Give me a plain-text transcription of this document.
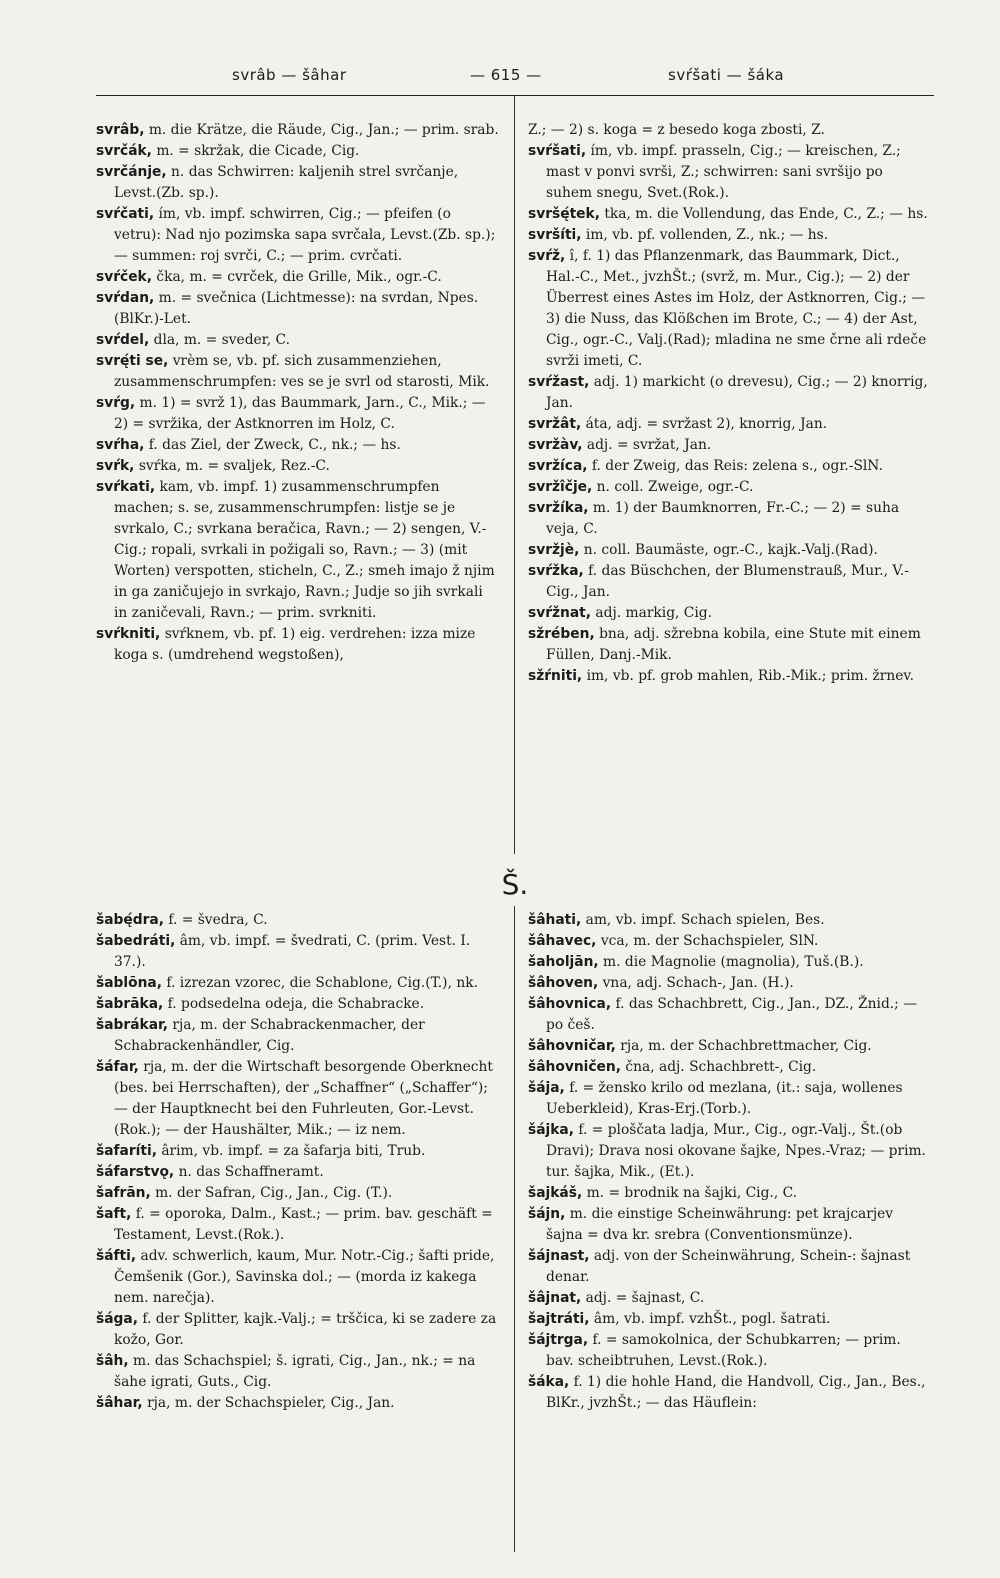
svrâb — šâhar	— 615 —	svŕšati — šáka

svrâb, m. die Krätze, die Räude, Cig., Jan.; — prim. srab.

svrčák, m. = skržak, die Cicade, Cig.

svrčánje, n. das Schwirren: kaljenih strel svrčanje, Levst.(Zb. sp.).

svŕčati, ím, vb. impf. schwirren, Cig.; — pfeifen (o vetru): Nad njo pozimska sapa svrčala, Levst.(Zb. sp.); — summen: roj svrči, C.; — prim. cvrčati.

svŕček, čka, m. = cvrček, die Grille, Mik., ogr.-C.

svŕdan, m. = svečnica (Lichtmesse): na svrdan, Npes.(BlKr.)-Let.

svŕdel, dla, m. = sveder, C.

svrę́ti se, vrèm se, vb. pf. sich zusammenziehen, zusammenschrumpfen: ves se je svrl od starosti, Mik.

svŕg, m. 1) = svrž 1), das Baummark, Jarn., C., Mik.; — 2) = svržika, der Astknorren im Holz, C.

svŕha, f. das Ziel, der Zweck, C., nk.; — hs.

svŕk, svŕka, m. = svaljek, Rez.-C.

svŕkati, kam, vb. impf. 1) zusammenschrumpfen machen; s. se, zusammenschrumpfen: listje se je svrkalo, C.; svrkana beračica, Ravn.; — 2) sengen, V.-Cig.; ropali, svrkali in požigali so, Ravn.; — 3) (mit Worten) verspotten, sticheln, C., Z.; smeh imajo ž njim in ga zaničujejo in svrkajo, Ravn.; Judje so jih svrkali in zaničevali, Ravn.; — prim. svrkniti.

svŕkniti, svŕknem, vb. pf. 1) eig. verdrehen: izza mize koga s. (umdrehend wegstoßen),

Z.; — 2) s. koga = z besedo koga zbosti, Z.

svŕšati, ím, vb. impf. prasseln, Cig.; — kreischen, Z.; mast v ponvi svrši, Z.; schwirren: sani svršijo po suhem snegu, Svet.(Rok.).

svršę́tek, tka, m. die Vollendung, das Ende, C., Z.; — hs.

svršíti, im, vb. pf. vollenden, Z., nk.; — hs.

svŕž, î, f. 1) das Pflanzenmark, das Baummark, Dict., Hal.-C., Met., jvzhŠt.; (svrž, m. Mur., Cig.); — 2) der Überrest eines Astes im Holz, der Astknorren, Cig.; — 3) die Nuss, das Klößchen im Brote, C.; — 4) der Ast, Cig., ogr.-C., Valj.(Rad); mladina ne sme črne ali rdeče svrži imeti, C.

svŕžast, adj. 1) markicht (o drevesu), Cig.; — 2) knorrig, Jan.

svržât, áta, adj. = svržast 2), knorrig, Jan.

svržàv, adj. = svržat, Jan.

svržíca, f. der Zweig, das Reis: zelena s., ogr.-SlN.

svržîčje, n. coll. Zweige, ogr.-C.

svržíka, m. 1) der Baumknorren, Fr.-C.; — 2) = suha veja, C.

svržjè, n. coll. Baumäste, ogr.-C., kajk.-Valj.(Rad).

svŕžka, f. das Büschchen, der Blumenstrauß, Mur., V.-Cig., Jan.

svŕžnat, adj. markig, Cig.

sžrében, bna, adj. sžrebna kobila, eine Stute mit einem Füllen, Danj.-Mik.

sžŕniti, im, vb. pf. grob mahlen, Rib.-Mik.; prim. žrnev.

Š.

šabę́dra, f. = švedra, C.

šabedráti, âm, vb. impf. = švedrati, C. (prim. Vest. I. 37.).

šablōna, f. izrezan vzorec, die Schablone, Cig.(T.), nk.

šabrāka, f. podsedelna odeja, die Schabracke.

šabrákar, rja, m. der Schabrackenmacher, der Schabrackenhändler, Cig.

šáfar, rja, m. der die Wirtschaft besorgende Oberknecht (bes. bei Herrschaften), der „Schaffner“ („Schaffer“); — der Hauptknecht bei den Fuhrleuten, Gor.-Levst.(Rok.); — der Haushälter, Mik.; — iz nem.

šafaríti, ârim, vb. impf. = za šafarja biti, Trub.

šáfarstvǫ, n. das Schaffneramt.

šafrān, m. der Safran, Cig., Jan., Cig. (T.).

šaft, f. = oporoka, Dalm., Kast.; — prim. bav. geschäft = Testament, Levst.(Rok.).

šáfti, adv. schwerlich, kaum, Mur. Notr.-Cig.; šafti pride, Čemšenik (Gor.), Savinska dol.; — (morda iz kakega nem. narečja).

šága, f. der Splitter, kajk.-Valj.; = trščica, ki se zadere za kožo, Gor.

šâh, m. das Schachspiel; š. igrati, Cig., Jan., nk.; = na šahe igrati, Guts., Cig.

šâhar, rja, m. der Schachspieler, Cig., Jan.

šâhati, am, vb. impf. Schach spielen, Bes.

šâhavec, vca, m. der Schachspieler, SlN.

šaholjān, m. die Magnolie (magnolia), Tuš.(B.).

šâhoven, vna, adj. Schach-, Jan. (H.).

šâhovnica, f. das Schachbrett, Cig., Jan., DZ., Žnid.; — po češ.

šâhovničar, rja, m. der Schachbrettmacher, Cig.

šâhovničen, čna, adj. Schachbrett-, Cig.

šája, f. = žensko krilo od mezlana, (it.: saja, wollenes Ueberkleid), Kras-Erj.(Torb.).

šájka, f. = ploščata ladja, Mur., Cig., ogr.-Valj., Št.(ob Dravi); Drava nosi okovane šajke, Npes.-Vraz; — prim. tur. šajka, Mik., (Et.).

šajkáš, m. = brodnik na šajki, Cig., C.

šájn, m. die einstige Scheinwährung: pet krajcarjev šajna = dva kr. srebra (Conventionsmünze).

šájnast, adj. von der Scheinwährung, Schein-: šajnast denar.

šâjnat, adj. = šajnast, C.

šajtráti, âm, vb. impf. vzhŠt., pogl. šatrati.

šájtrga, f. = samokolnica, der Schubkarren; — prim. bav. scheibtruhen, Levst.(Rok.).

šáka, f. 1) die hohle Hand, die Handvoll, Cig., Jan., Bes., BlKr., jvzhŠt.; — das Häuflein:
